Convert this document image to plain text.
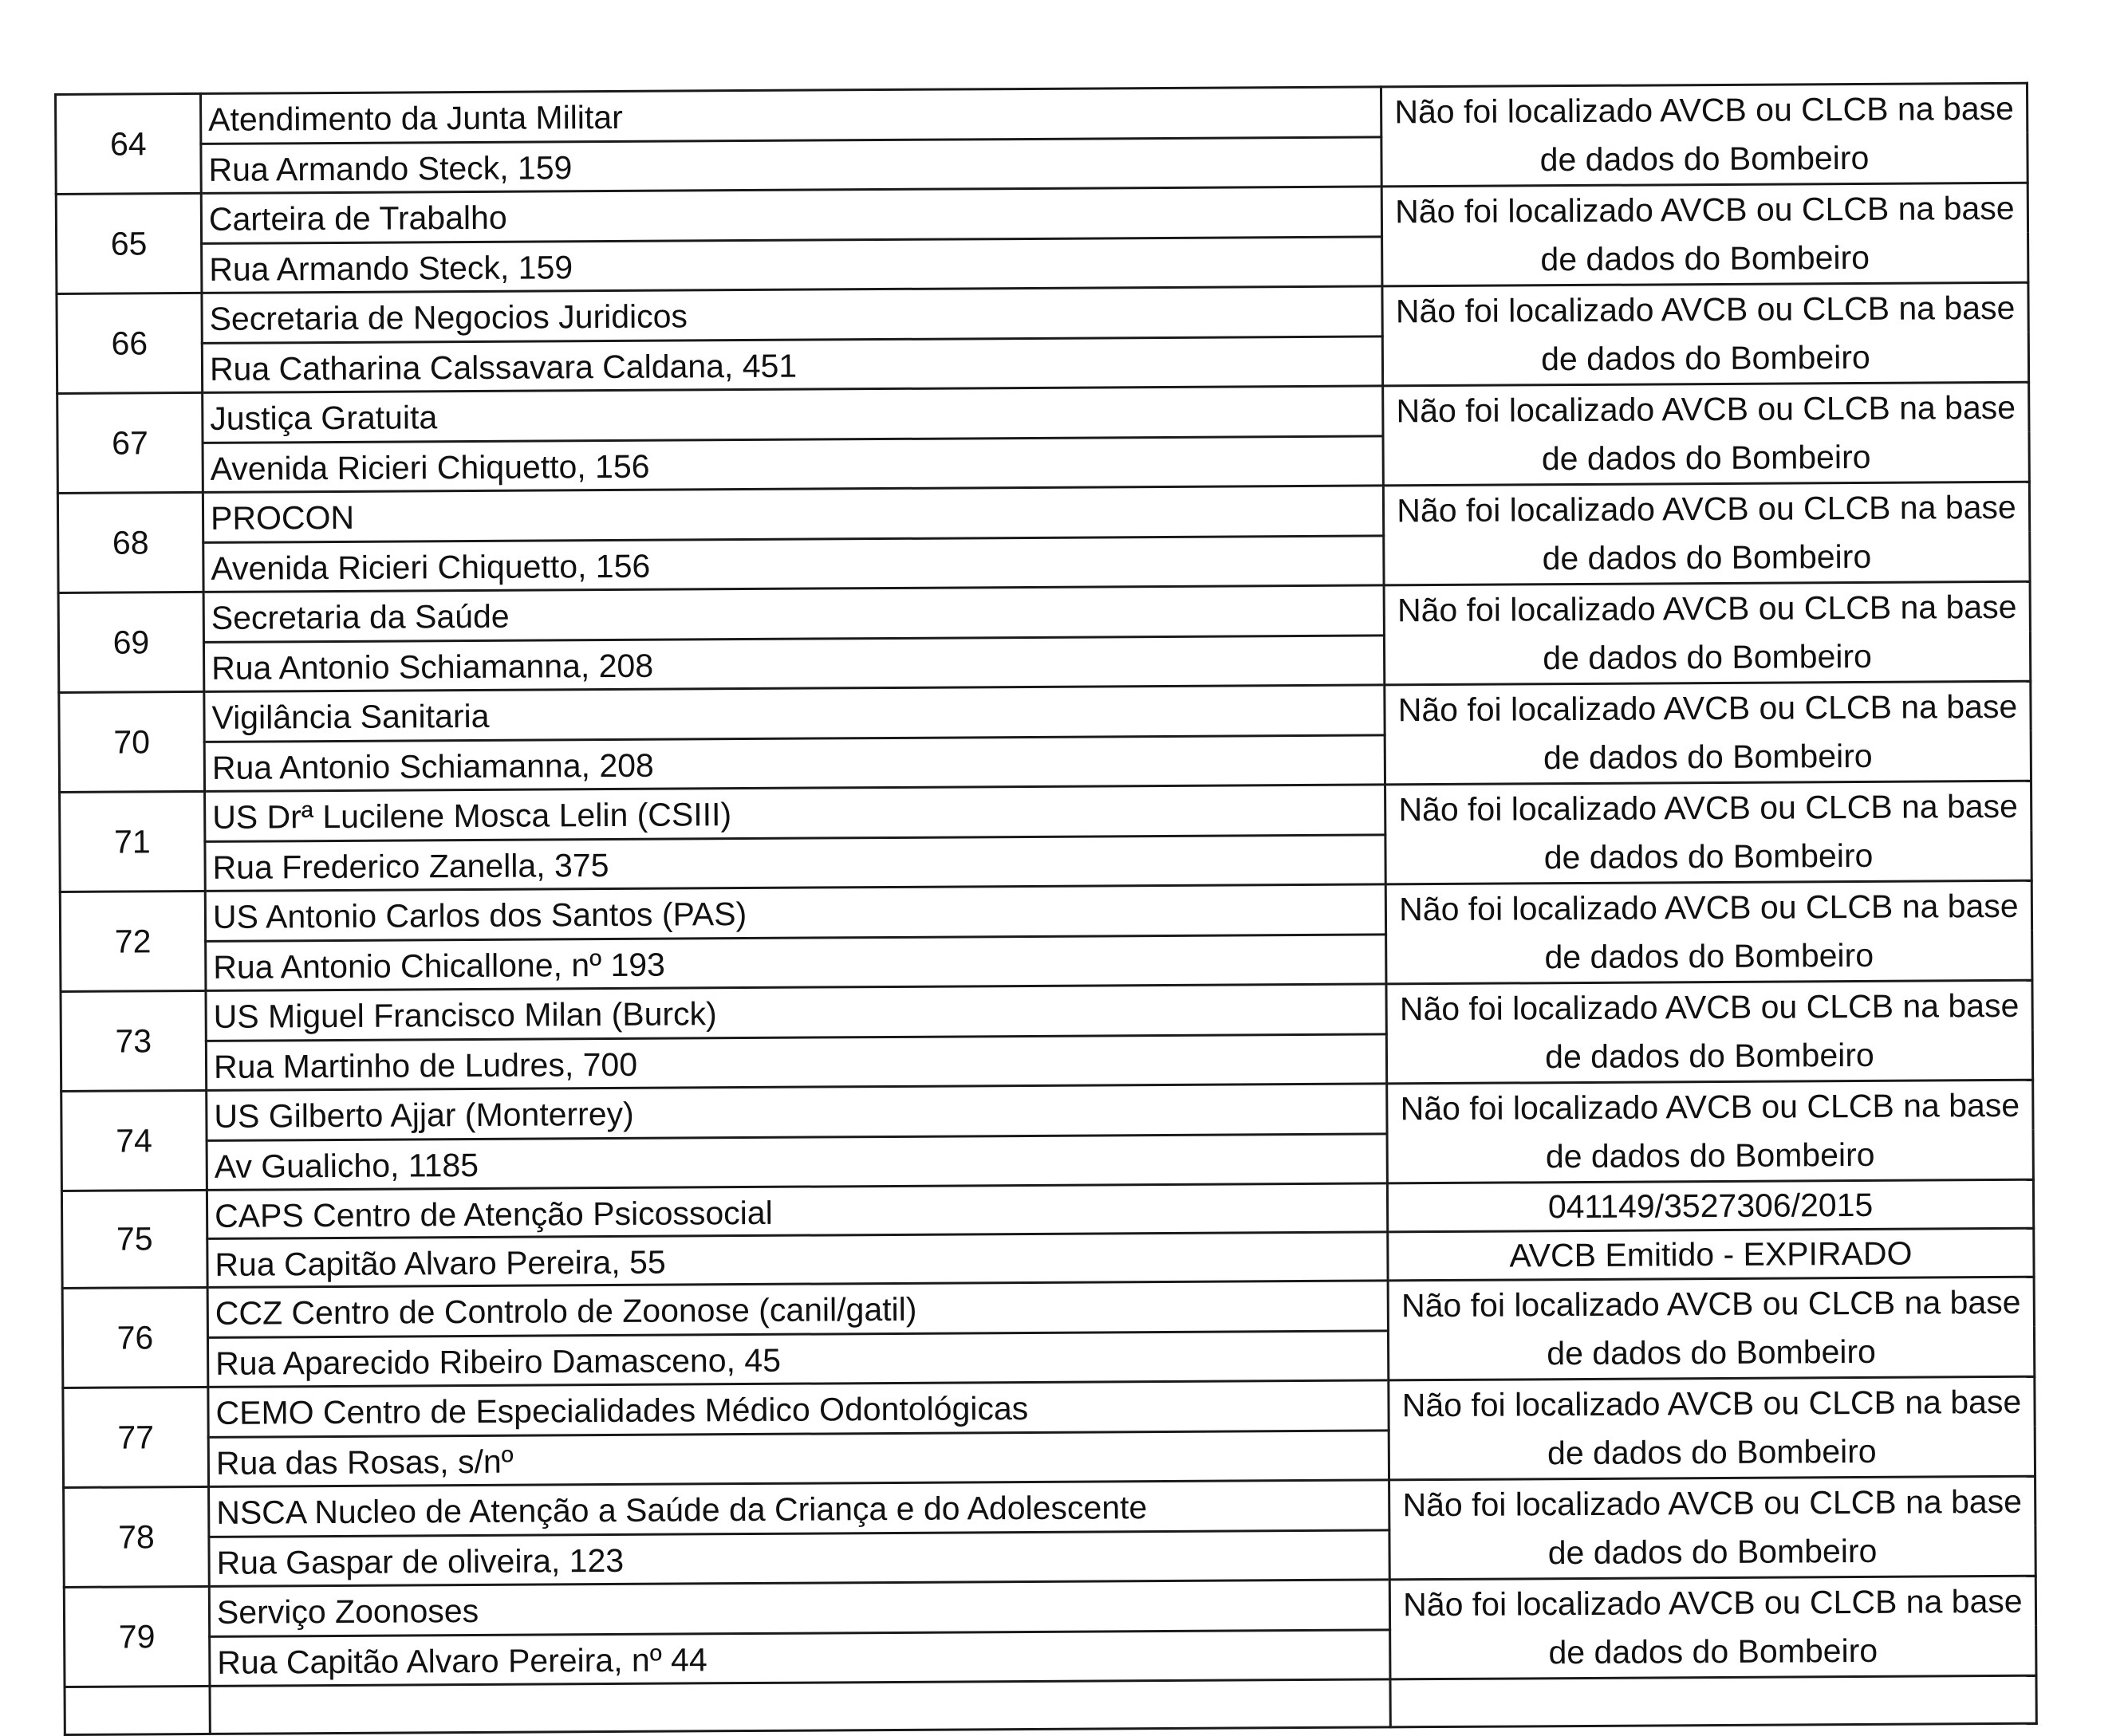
64	Atendimento da Junta Militar	Não foi localizado AVCB ou CLCB na base
de dados do Bombeiro

	Rua Armando Steck, 159	
65	Carteira de Trabalho	Não foi localizado AVCB ou CLCB na base
de dados do Bombeiro

	Rua Armando Steck, 159	
66	Secretaria de Negocios Juridicos	Não foi localizado AVCB ou CLCB na base
de dados do Bombeiro

	Rua Catharina Calssavara Caldana, 451	
67	Justiça Gratuita	Não foi localizado AVCB ou CLCB na base
de dados do Bombeiro

	Avenida Ricieri Chiquetto, 156	
68	PROCON	Não foi localizado AVCB ou CLCB na base
de dados do Bombeiro

	Avenida Ricieri Chiquetto, 156	
69	Secretaria da Saúde	Não foi localizado AVCB ou CLCB na base
de dados do Bombeiro

	Rua Antonio Schiamanna, 208	
70	Vigilância Sanitaria	Não foi localizado AVCB ou CLCB na base
de dados do Bombeiro

	Rua Antonio Schiamanna, 208	
71	US Drª Lucilene Mosca Lelin (CSIII)	Não foi localizado AVCB ou CLCB na base
de dados do Bombeiro

	Rua Frederico Zanella, 375	
72	US Antonio Carlos dos Santos (PAS)	Não foi localizado AVCB ou CLCB na base
de dados do Bombeiro

	Rua Antonio Chicallone, nº 193	
73	US Miguel Francisco Milan (Burck)	Não foi localizado AVCB ou CLCB na base
de dados do Bombeiro

	Rua Martinho de Ludres, 700	
74	US Gilberto Ajjar (Monterrey)	Não foi localizado AVCB ou CLCB na base
de dados do Bombeiro

	Av Gualicho, 1185	
75	CAPS Centro de Atenção Psicossocial	041149/3527306/2015
	Rua Capitão Alvaro Pereira, 55	AVCB Emitido - EXPIRADO
76	CCZ Centro de Controlo de Zoonose (canil/gatil)	Não foi localizado AVCB ou CLCB na base
de dados do Bombeiro

	Rua Aparecido Ribeiro Damasceno, 45	
77	CEMO Centro de Especialidades Médico Odontológicas	Não foi localizado AVCB ou CLCB na base
de dados do Bombeiro

	Rua das Rosas, s/nº	
78	NSCA Nucleo de Atenção a Saúde da Criança e do Adolescente	Não foi localizado AVCB ou CLCB na base
de dados do Bombeiro

	Rua Gaspar de oliveira, 123	
79	Serviço Zoonoses	Não foi localizado AVCB ou CLCB na base
de dados do Bombeiro

	Rua Capitão Alvaro Pereira, nº 44	
